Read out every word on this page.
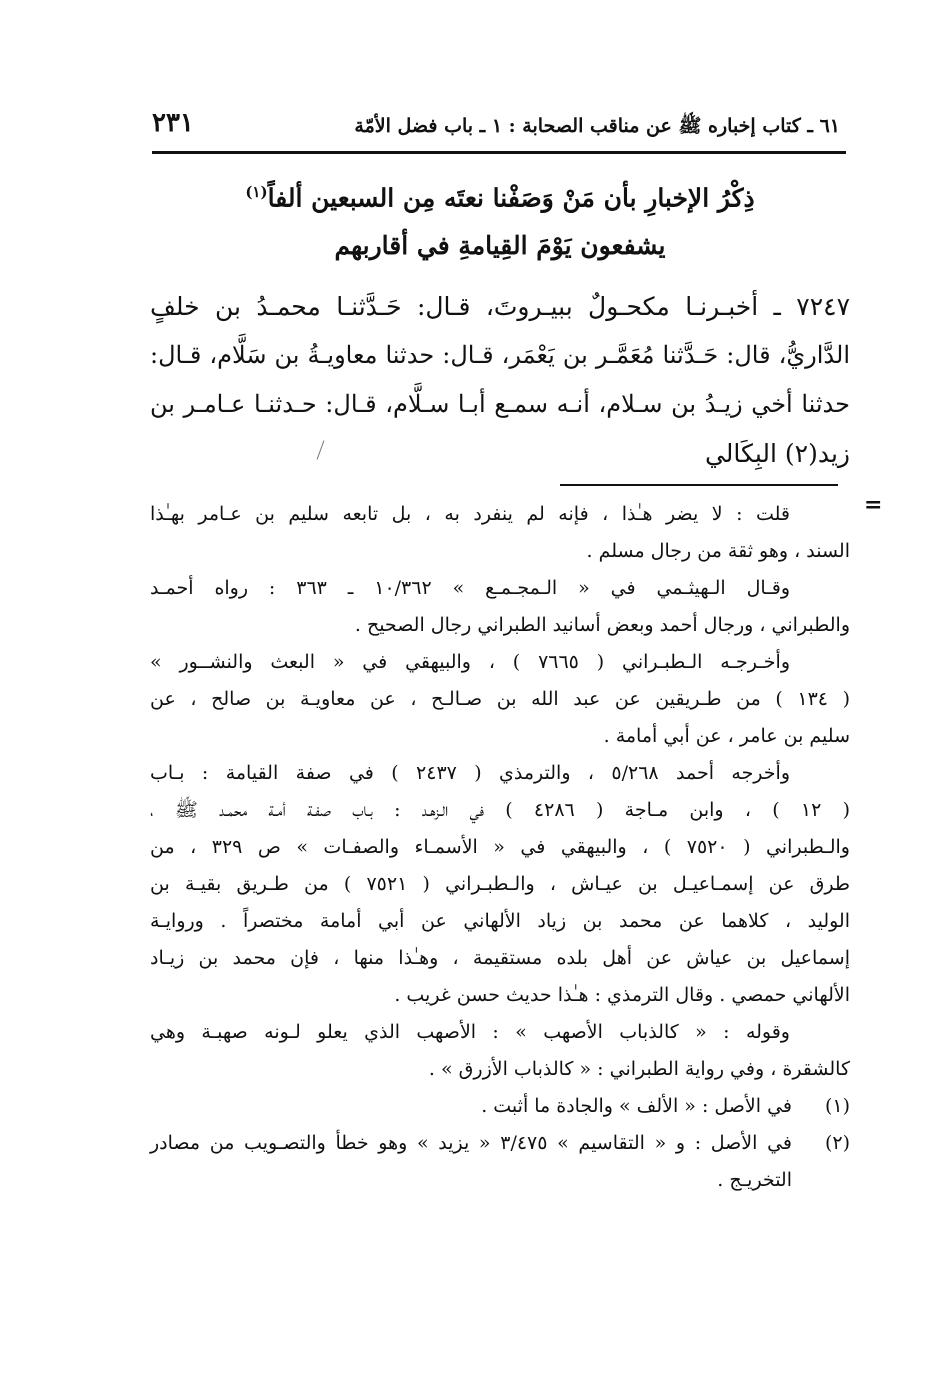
٦١ ـ كتاب إخباره ﷺ عن مناقب الصحابة : ١ ـ باب فضل الأمّة
٢٣١
ذِكْرُ الإخبارِ بأن مَنْ وَصَفْنا نعتَه مِن السبعين ألفاً$^{(١)}$
يشفعون يَوْمَ القِيامةِ في أقاربهم
٧٢٤٧ ـ أخبـرنـا مكحـولٌ ببيـروتَ، قـال: حَـدَّثنـا محمـدُ بن خلفٍ
الدَّاريُّ، قال: حَـدَّثنا مُعَمَّـر بن يَعْمَر، قـال: حدثنا معاويـةُ بن سَلَّام، قـال:
حدثنا أخي زيـدُ بن سـلام، أنـه سمـع أبـا سـلَّام، قـال: حـدثنـا عـامـر بن
زيد(٢) البِكَالي
=
قلت : لا يضر هـٰذا ، فإنه لم ينفرد به ، بل تابعه سليم بن عـامر بهـٰذا
السند ، وهو ثقة من رجال مسلم .
وقـال الـهيثـمي في « الـمجـمـع » ١٠/٣٦٢ ـ ٣٦٣ : رواه أحمـد
والطبراني ، ورجال أحمد وبعض أسانيد الطبراني رجال الصحيح .
وأخـرجـه الـطبـراني ( ٧٦٦٥ ) ، والبيهقي في « البعث والنشــور »
( ١٣٤ ) من طـريقين عن عبد الله بن صـالـح ، عن معاويـة بن صالح ، عن
سليم بن عامر ، عن أبي أمامة .
وأخرجه أحمد ٥/٢٦٨ ، والترمذي ( ٢٤٣٧ ) في صفة القيامة : بـاب
( ١٢ ) ، وابن مـاجة ( ٤٢٨٦ ) في الـزهـد : بـاب صفـة أمـة محمـد ﷺ ،
والـطبراني ( ٧٥٢٠ ) ، والبيهقي في « الأسمـاء والصفـات » ص ٣٢٩ ، من
طرق عن إسمـاعيـل بن عيـاش ، والـطبـراني ( ٧٥٢١ ) من طـريق بقيـة بن
الوليد ، كلاهما عن محمد بن زياد الألهاني عن أبي أمامة مختصراً . وروايـة
إسماعيل بن عياش عن أهل بلده مستقيمة ، وهـٰذا منها ، فإن محمد بن زيـاد
الألهاني حمصي . وقال الترمذي : هـٰذا حديث حسن غريب .
وقوله : « كالذباب الأصهب » : الأصهب الذي يعلو لـونه صهبـة وهي
كالشقرة ، وفي رواية الطبراني : « كالذباب الأزرق » .
(١)في الأصل : « الألف » والجادة ما أثبت .
(٢)في الأصل : و « التقاسيم » ٣/٤٧٥ « يزيد » وهو خطأ والتصـويب من مصادر
التخريـج .
